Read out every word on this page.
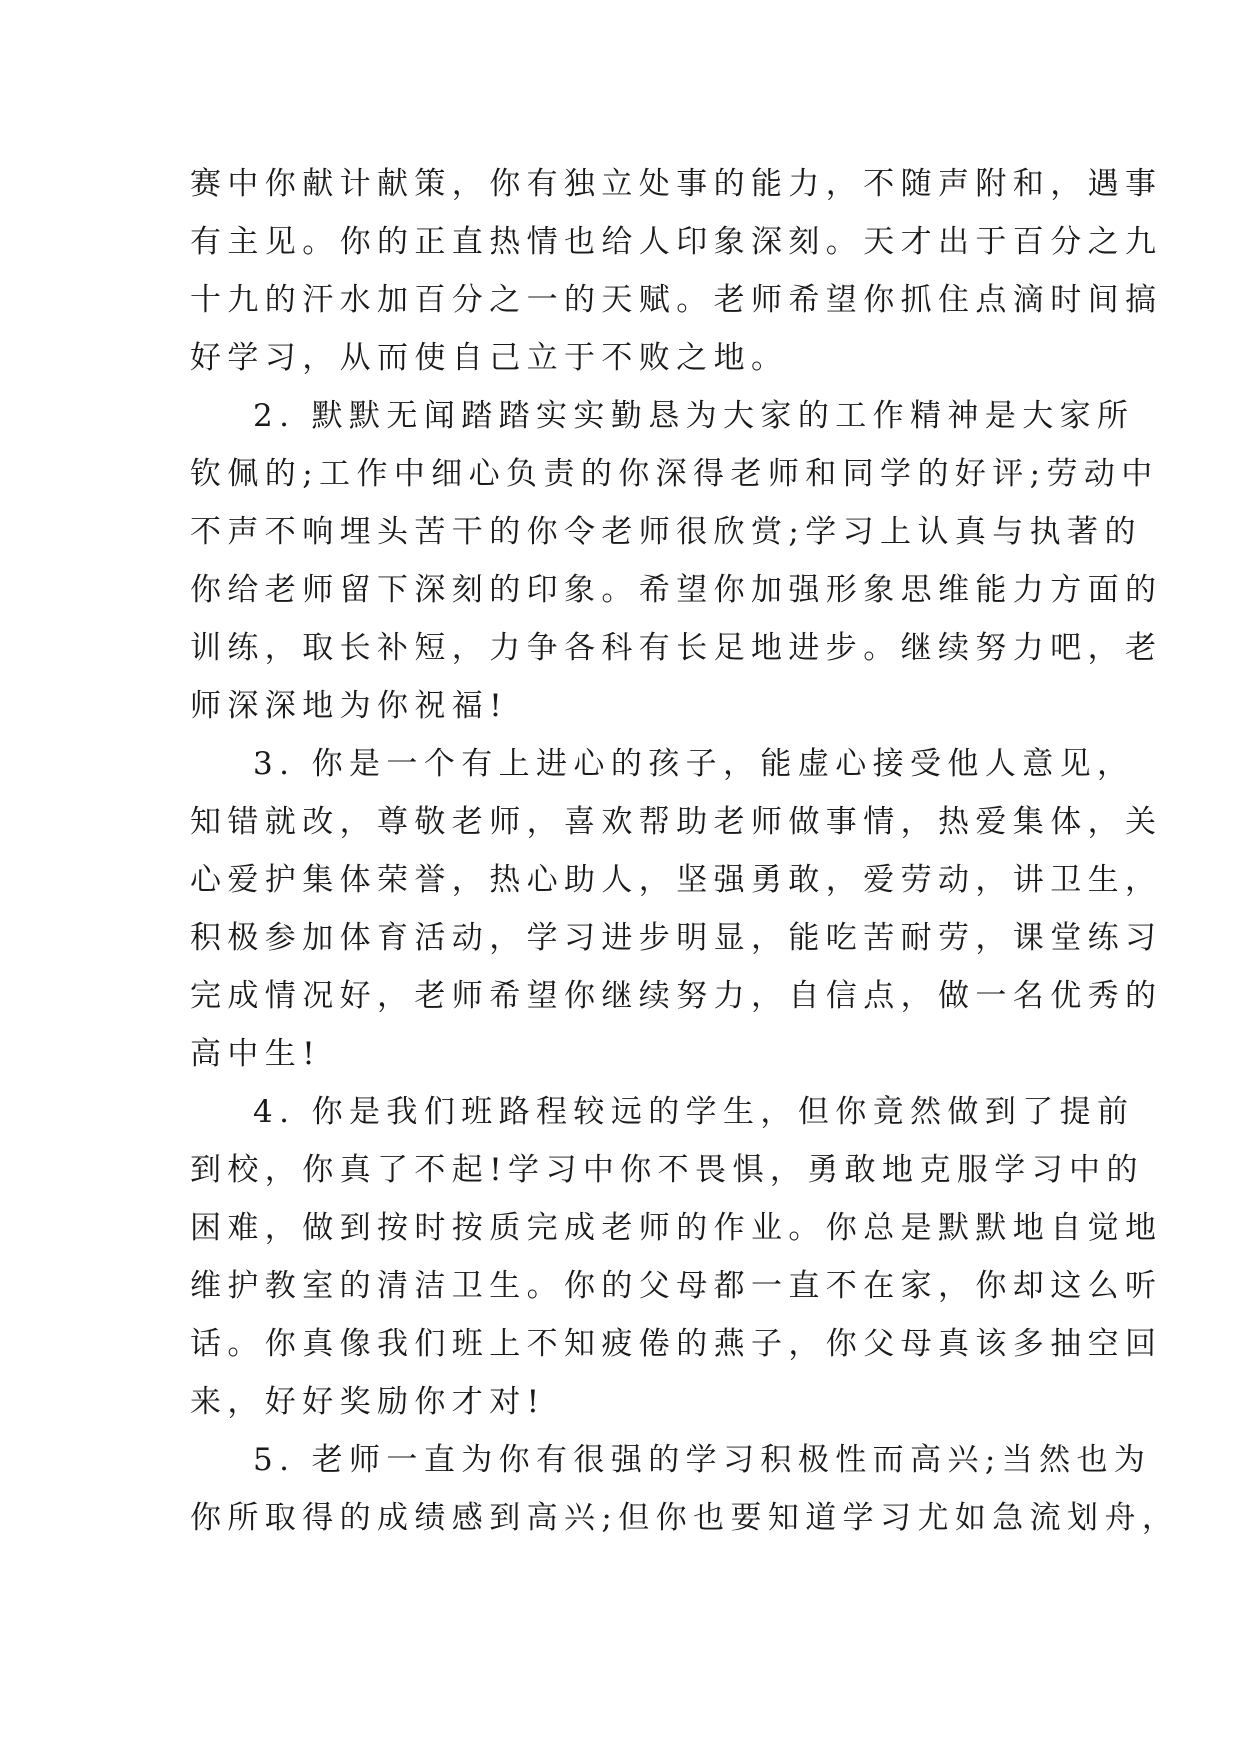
赛中你献计献策，你有独立处事的能力，不随声附和，遇事
有主见。你的正直热情也给人印象深刻。天才出于百分之九
十九的汗水加百分之一的天赋。老师希望你抓住点滴时间搞
好学习，从而使自己立于不败之地。
2. 默默无闻踏踏实实勤恳为大家的工作精神是大家所
钦佩的;工作中细心负责的你深得老师和同学的好评;劳动中
不声不响埋头苦干的你令老师很欣赏;学习上认真与执著的
你给老师留下深刻的印象。希望你加强形象思维能力方面的
训练，取长补短，力争各科有长足地进步。继续努力吧，老
师深深地为你祝福!
3. 你是一个有上进心的孩子，能虚心接受他人意见，
知错就改，尊敬老师，喜欢帮助老师做事情，热爱集体，关
心爱护集体荣誉，热心助人，坚强勇敢，爱劳动，讲卫生，
积极参加体育活动，学习进步明显，能吃苦耐劳，课堂练习
完成情况好，老师希望你继续努力，自信点，做一名优秀的
高中生!
4. 你是我们班路程较远的学生，但你竟然做到了提前
到校，你真了不起!学习中你不畏惧，勇敢地克服学习中的
困难，做到按时按质完成老师的作业。你总是默默地自觉地
维护教室的清洁卫生。你的父母都一直不在家，你却这么听
话。你真像我们班上不知疲倦的燕子，你父母真该多抽空回
来，好好奖励你才对!
5. 老师一直为你有很强的学习积极性而高兴;当然也为
你所取得的成绩感到高兴;但你也要知道学习尤如急流划舟，
